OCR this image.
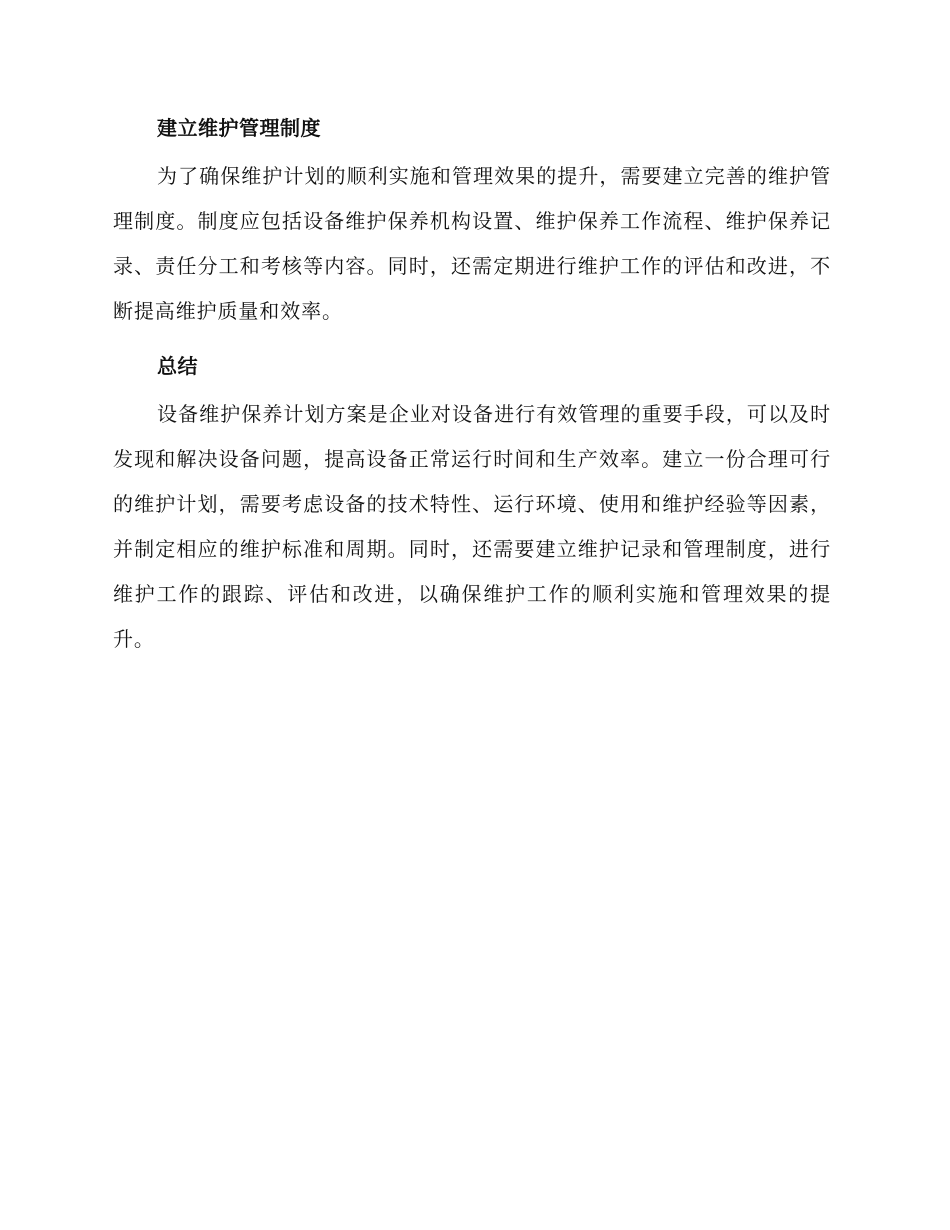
建立维护管理制度

为了确保维护计划的顺利实施和管理效果的提升，需要建立完善的维护管理制度。制度应包括设备维护保养机构设置、维护保养工作流程、维护保养记录、责任分工和考核等内容。同时，还需定期进行维护工作的评估和改进，不断提高维护质量和效率。

总结

设备维护保养计划方案是企业对设备进行有效管理的重要手段，可以及时发现和解决设备问题，提高设备正常运行时间和生产效率。建立一份合理可行的维护计划，需要考虑设备的技术特性、运行环境、使用和维护经验等因素，并制定相应的维护标准和周期。同时，还需要建立维护记录和管理制度，进行维护工作的跟踪、评估和改进，以确保维护工作的顺利实施和管理效果的提升。
